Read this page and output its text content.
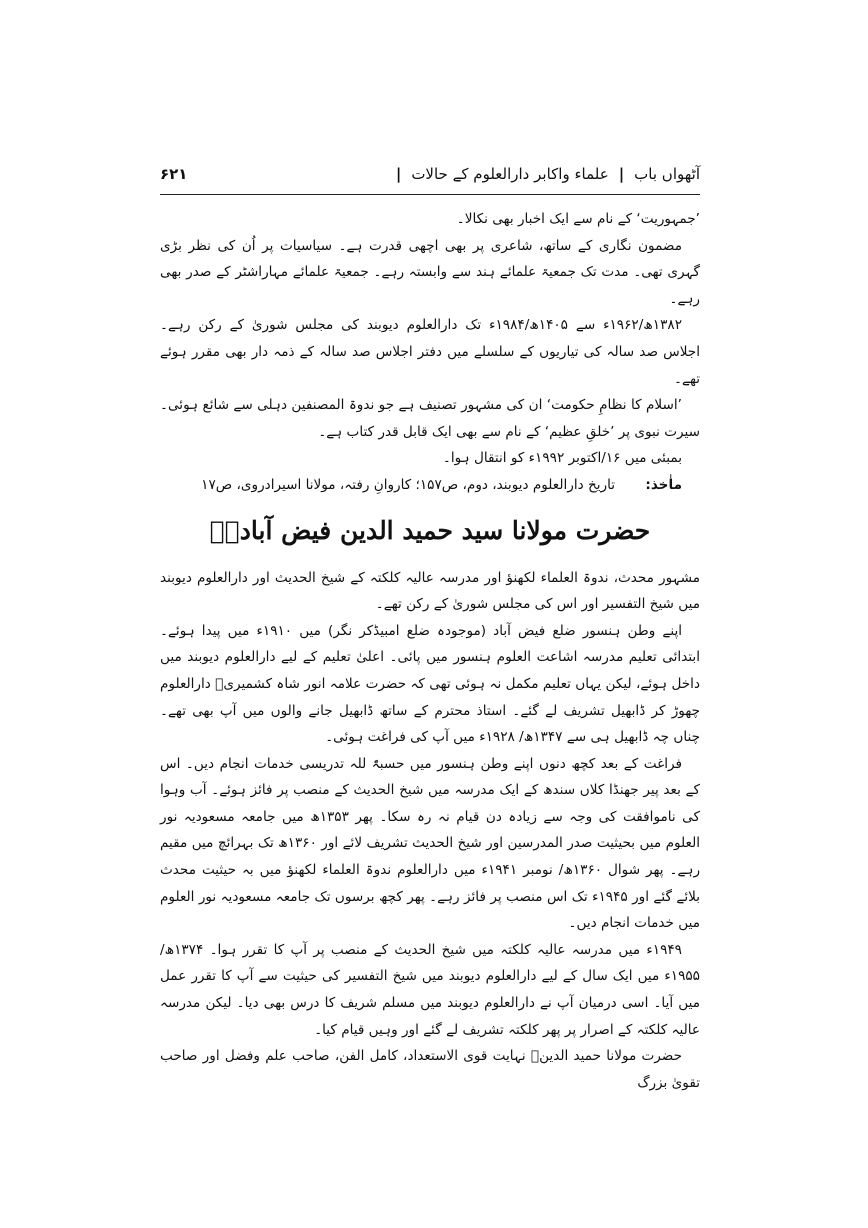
آٹھواں باب
|
علماء واکابر دارالعلوم کے حالات
|
۶۲۱

’جمہوریت‘ کے نام سے ایک اخبار بھی نکالا۔

مضمون نگاری کے ساتھ، شاعری پر بھی اچھی قدرت ہے۔ سیاسیات پر اُن کی نظر بڑی گہری تھی۔ مدت تک جمعیۃ علمائے ہند سے وابستہ رہے۔ جمعیۃ علمائے مہاراشٹر کے صدر بھی رہے۔

۱۳۸۲ھ/۱۹۶۲ء سے ۱۴۰۵ھ/۱۹۸۴ء تک دارالعلوم دیوبند کی مجلس شوریٰ کے رکن رہے۔ اجلاس صد سالہ کی تیاریوں کے سلسلے میں دفتر اجلاس صد سالہ کے ذمہ دار بھی مقرر ہوئے تھے۔

’اسلام کا نظامِ حکومت‘ ان کی مشہور تصنیف ہے جو ندوۃ المصنفین دہلی سے شائع ہوئی۔ سیرت نبوی پر ’خلقِ عظیم‘ کے نام سے بھی ایک قابل قدر کتاب ہے۔

بمبئی میں ۱۶/اکتوبر ۱۹۹۲ء کو انتقال ہوا۔

ماٰخذ: تاریخ دارالعلوم دیوبند، دوم، ص۱۵۷؛ کاروانِ رفتہ، مولانا اسیرادروی، ص۱۷

حضرت مولانا سید حمید الدین فیض آبادیؒ

مشہور محدث، ندوۃ العلماء لکھنؤ اور مدرسہ عالیہ کلکتہ کے شیخ الحدیث اور دارالعلوم دیوبند میں شیخ التفسیر اور اس کی مجلس شوریٰ کے رکن تھے۔

اپنے وطن ہنسور ضلع فیض آباد (موجودہ ضلع امبیڈکر نگر) میں ۱۹۱۰ء میں پیدا ہوئے۔ ابتدائی تعلیم مدرسہ اشاعت العلوم ہنسور میں پائی۔ اعلیٰ تعلیم کے لیے دارالعلوم دیوبند میں داخل ہوئے، لیکن یہاں تعلیم مکمل نہ ہوئی تھی کہ حضرت علامہ انور شاہ کشمیریؒ دارالعلوم چھوڑ کر ڈابھیل تشریف لے گئے۔ استاذ محترم کے ساتھ ڈابھیل جانے والوں میں آپ بھی تھے۔ چناں چہ ڈابھیل ہی سے ۱۳۴۷ھ/ ۱۹۲۸ء میں آپ کی فراغت ہوئی۔

فراغت کے بعد کچھ دنوں اپنے وطن ہنسور میں حسبۃً للہ تدریسی خدمات انجام دیں۔ اس کے بعد پیر جھنڈا کلاں سندھ کے ایک مدرسہ میں شیخ الحدیث کے منصب پر فائز ہوئے۔ آب وہوا کی ناموافقت کی وجہ سے زیادہ دن قیام نہ رہ سکا۔ پھر ۱۳۵۳ھ میں جامعہ مسعودیہ نور العلوم میں بحیثیت صدر المدرسین اور شیخ الحدیث تشریف لائے اور ۱۳۶۰ھ تک بہرائچ میں مقیم رہے۔ پھر شوال ۱۳۶۰ھ/ نومبر ۱۹۴۱ء میں دارالعلوم ندوۃ العلماء لکھنؤ میں بہ حیثیت محدث بلائے گئے اور ۱۹۴۵ء تک اس منصب پر فائز رہے۔ پھر کچھ برسوں تک جامعہ مسعودیہ نور العلوم میں خدمات انجام دیں۔

۱۹۴۹ء میں مدرسہ عالیہ کلکتہ میں شیخ الحدیث کے منصب پر آپ کا تقرر ہوا۔ ۱۳۷۴ھ/ ۱۹۵۵ء میں ایک سال کے لیے دارالعلوم دیوبند میں شیخ التفسیر کی حیثیت سے آپ کا تقرر عمل میں آیا۔ اسی درمیان آپ نے دارالعلوم دیوبند میں مسلم شریف کا درس بھی دیا۔ لیکن مدرسہ عالیہ کلکتہ کے اصرار پر پھر کلکتہ تشریف لے گئے اور وہیں قیام کیا۔

حضرت مولانا حمید الدینؒ نہایت قوی الاستعداد، کامل الفن، صاحب علم وفضل اور صاحب تقویٰ بزرگ
